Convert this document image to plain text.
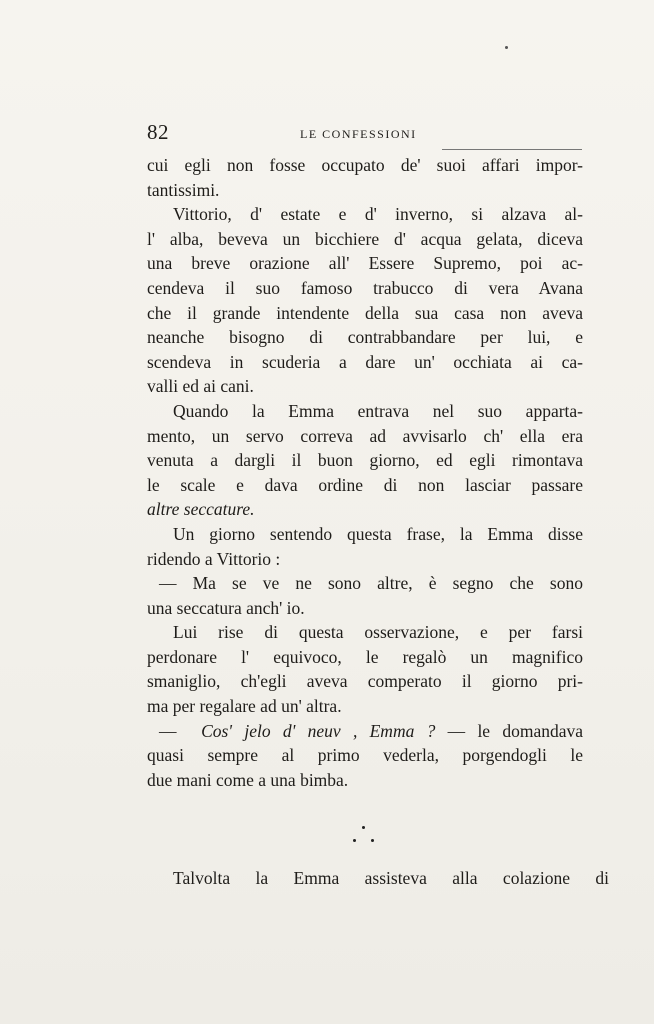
82	LE CONFESSIONI
cui egli non fosse occupato de' suoi affari impor-
tantissimi.
Vittorio, d' estate e d' inverno, si alzava al-
l' alba, beveva un bicchiere d' acqua gelata, diceva
una breve orazione all' Essere Supremo, poi ac-
cendeva il suo famoso trabucco di vera Avana
che il grande intendente della sua casa non aveva
neanche bisogno di contrabbandare per lui, e
scendeva in scuderia a dare un' occhiata ai ca-
valli ed ai cani.
Quando la Emma entrava nel suo apparta-
mento, un servo correva ad avvisarlo ch' ella era
venuta a dargli il buon giorno, ed egli rimontava
le scale e dava ordine di non lasciar passare
altre seccature.
Un giorno sentendo questa frase, la Emma disse
ridendo a Vittorio :
— Ma se ve ne sono altre, è segno che sono
una seccatura anch' io.
Lui rise di questa osservazione, e per farsi
perdonare l' equivoco, le regalò un magnifico
smaniglio, ch'egli aveva comperato il giorno pri-
ma per regalare ad un' altra.
— Cos' jelo d' neuv , Emma ? — le domandava
quasi sempre al primo vederla, porgendogli le
due mani come a una bimba.
Talvolta la Emma assisteva alla colazione di
